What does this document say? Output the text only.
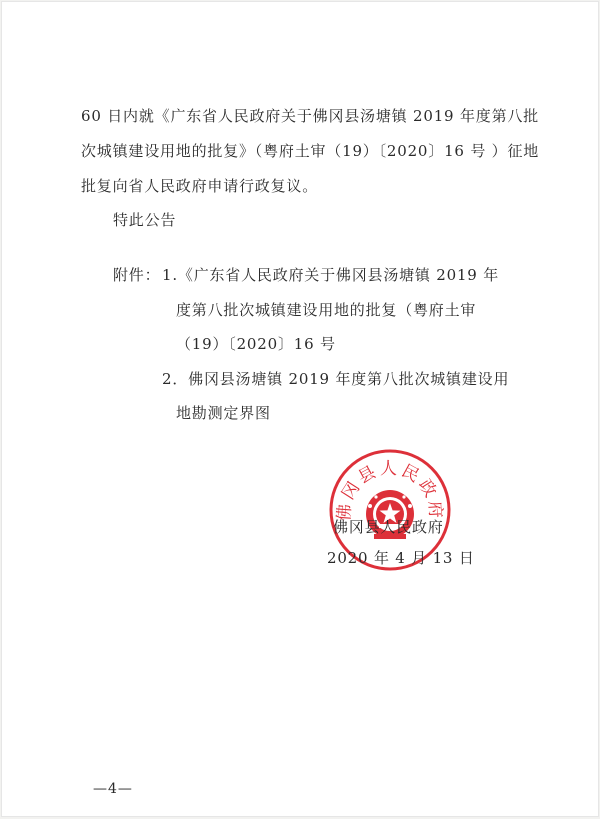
60 日内就《广东省人民政府关于佛冈县汤塘镇 2019 年度第八批
次城镇建设用地的批复》（粤府土审（19）〔2020〕16 号 ）征地
批复向省人民政府申请行政复议。
特此公告
附件： 1.《广东省人民政府关于佛冈县汤塘镇 2019 年
度第八批次城镇建设用地的批复（粤府土审
（19）〔2020〕16 号
2．佛冈县汤塘镇 2019 年度第八批次城镇建设用
地勘测定界图
佛冈县人民政府
佛冈县人民政府
2020 年 4 月 13 日
—4—
